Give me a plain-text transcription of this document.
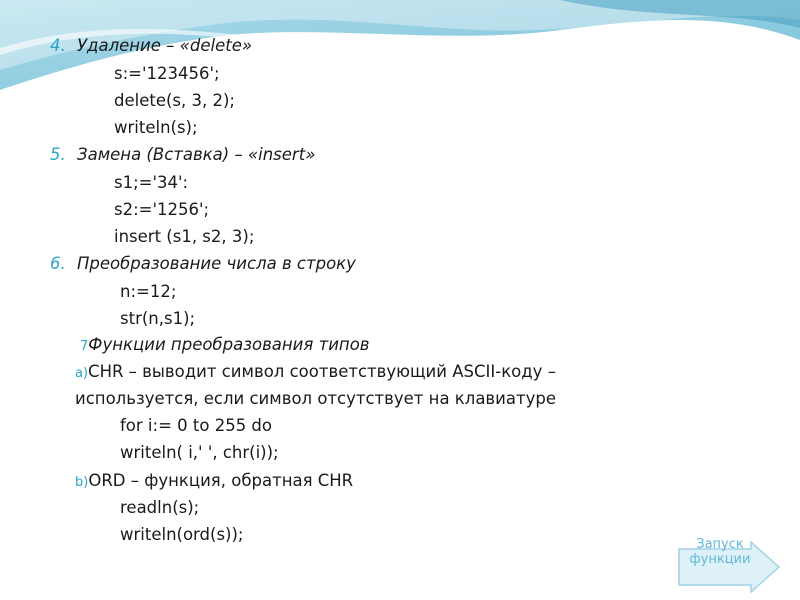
4. Удаление – «delete»
s:='123456';
delete(s, 3, 2);
writeln(s);
5. Замена (Вставка) – «insert»
s1;='34':
s2:='1256';
insert (s1, s2, 3);
6. Преобразование числа в строку
n:=12;
str(n,s1);
7Функции преобразования типов
a)CHR – выводит символ соответствующий ASCII-коду –
используется, если символ отсутствует на клавиатуре
for i:= 0 to 255 do
writeln( i,' ', chr(i));
b)ORD – функция, обратная CHR
readln(s);
writeln(ord(s));
Запуск функции
